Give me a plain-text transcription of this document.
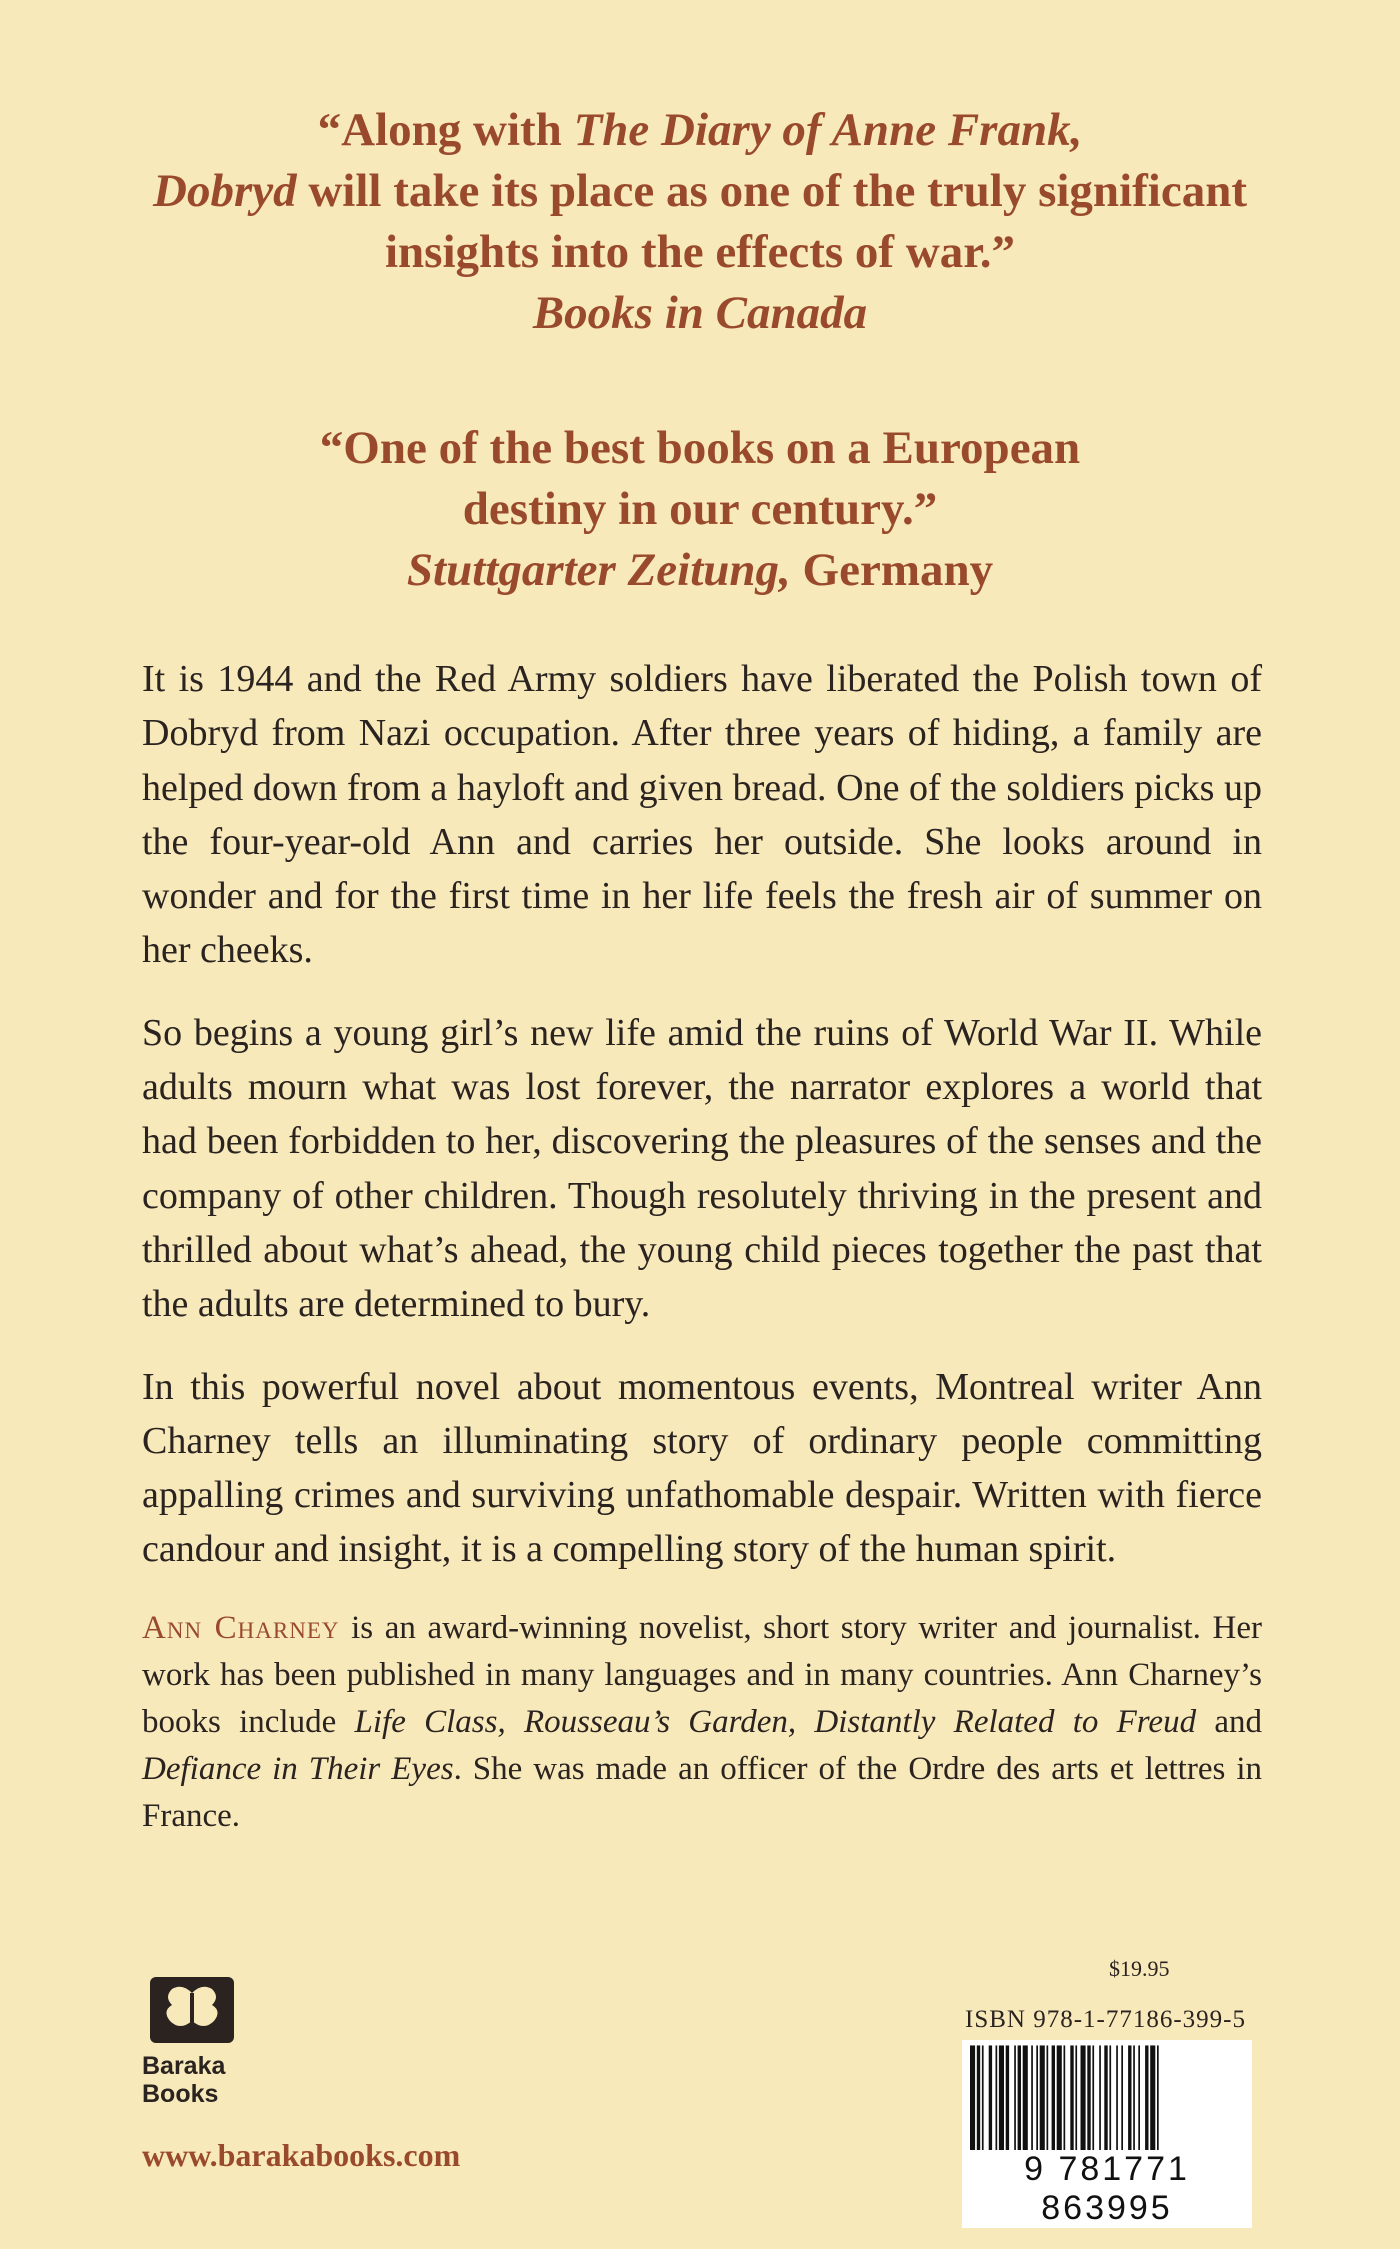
“Along with The Diary of Anne Frank,
Dobryd will take its place as one of the truly significant
insights into the effects of war.”
Books in Canada
“One of the best books on a European
destiny in our century.”
Stuttgarter Zeitung, Germany

It is 1944 and the Red Army soldiers have liberated the Polish town of Dobryd from Nazi occupation. After three years of hiding, a family are helped down from a hayloft and given bread. One of the soldiers picks up the four-year-old Ann and carries her outside. She looks around in wonder and for the first time in her life feels the fresh air of summer on her cheeks.

So begins a young girl’s new life amid the ruins of World War II. While adults mourn what was lost forever, the narrator explores a world that had been forbidden to her, discovering the pleasures of the senses and the company of other children. Though resolutely thriving in the present and thrilled about what’s ahead, the young child pieces together the past that the adults are determined to bury.

In this powerful novel about momentous events, Montreal writer Ann Charney tells an illuminating story of ordinary people committing appalling crimes and surviving unfathomable despair. Written with fierce candour and insight, it is a compelling story of the human spirit.

Ann Charney is an award-winning novelist, short story writer and journalist. Her work has been published in many languages and in many countries. Ann Charney’s books include Life Class, Rousseau’s Garden, Distantly Related to Freud and Defiance in Their Eyes. She was made an officer of the Ordre des arts et lettres in France.

Baraka
Books
www.barakabooks.com
$19.95
ISBN 978-1-77186-399-5
9 781771 863995
